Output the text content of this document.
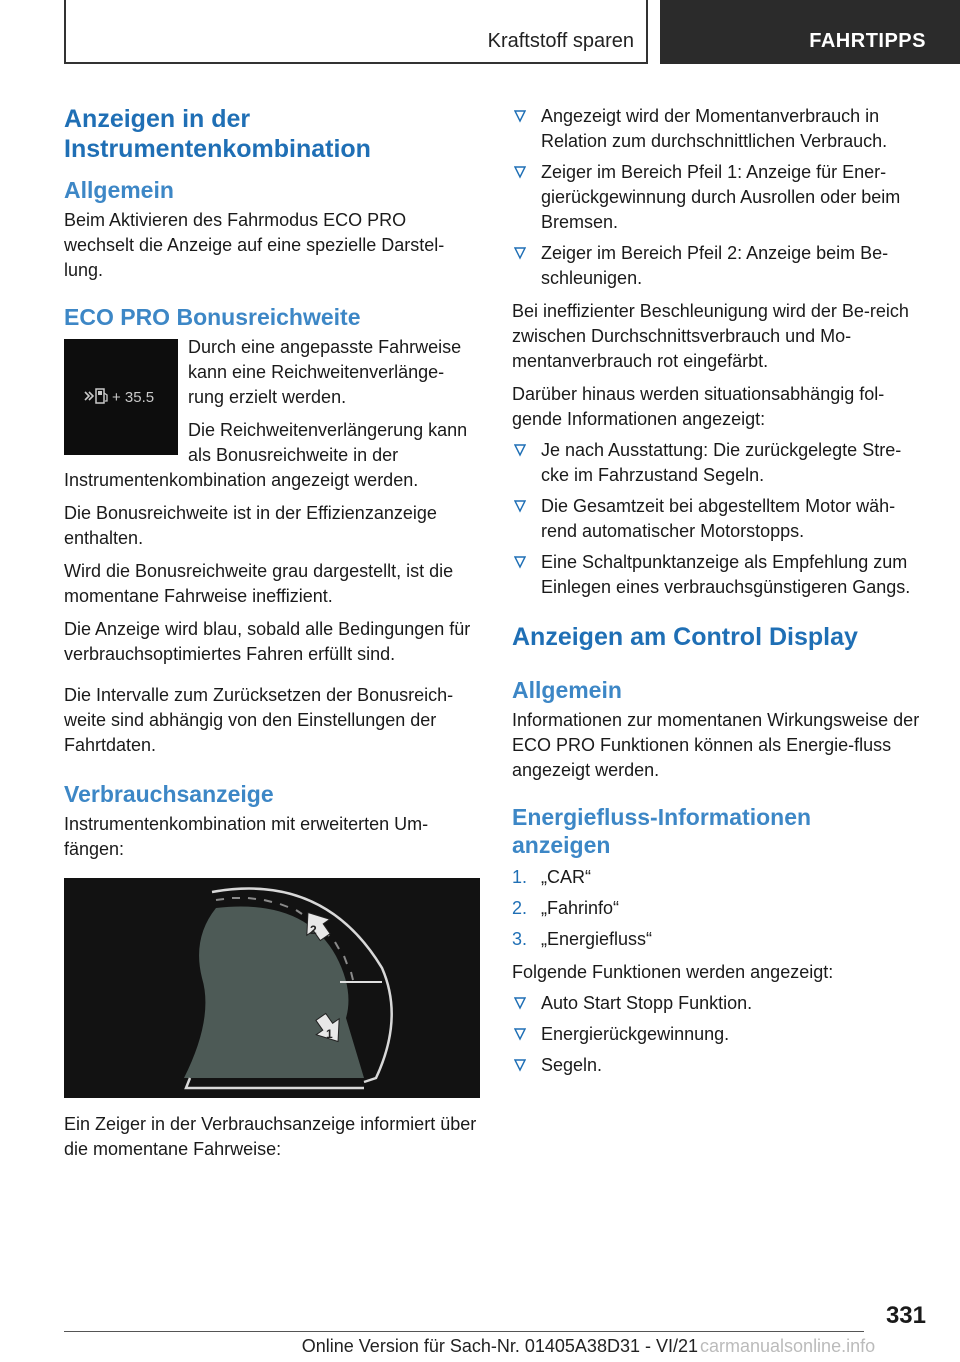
Kraftstoff sparen	FAHRTIPPS
Anzeigen in der Instrumentenkombination
Allgemein

Beim Aktivieren des Fahrmodus ECO PRO wechselt die Anzeige auf eine spezielle Darstel-lung.

ECO PRO Bonusreichweite
+ 35.5

Durch eine angepasste Fahrweise kann eine Reichweitenverlänge-rung erzielt werden.

Die Reichweitenverlängerung kann als Bonusreichweite in der Instrumentenkombination angezeigt werden.

Die Bonusreichweite ist in der Effizienzanzeige enthalten.

Wird die Bonusreichweite grau dargestellt, ist die momentane Fahrweise ineffizient.

Die Anzeige wird blau, sobald alle Bedingungen für verbrauchsoptimiertes Fahren erfüllt sind.

Die Intervalle zum Zurücksetzen der Bonusreich-weite sind abhängig von den Einstellungen der Fahrtdaten.

Verbrauchsanzeige

Instrumentenkombination mit erweiterten Um-fängen:

2
1

Ein Zeiger in der Verbrauchsanzeige informiert über die momentane Fahrweise:

Angezeigt wird der Momentanverbrauch in Relation zum durchschnittlichen Verbrauch.
Zeiger im Bereich Pfeil 1: Anzeige für Ener-gierückgewinnung durch Ausrollen oder beim Bremsen.
Zeiger im Bereich Pfeil 2: Anzeige beim Be-schleunigen.

Bei ineffizienter Beschleunigung wird der Be-reich zwischen Durchschnittsverbrauch und Mo-mentanverbrauch rot eingefärbt.

Darüber hinaus werden situationsabhängig fol-gende Informationen angezeigt:

Je nach Ausstattung: Die zurückgelegte Stre-cke im Fahrzustand Segeln.
Die Gesamtzeit bei abgestelltem Motor wäh-rend automatischer Motorstopps.
Eine Schaltpunktanzeige als Empfehlung zum Einlegen eines verbrauchsgünstigeren Gangs.
Anzeigen am Control Display
Allgemein

Informationen zur momentanen Wirkungsweise der ECO PRO Funktionen können als Energie-fluss angezeigt werden.

Energiefluss-Informationen anzeigen
1. „CAR“
2. „Fahrinfo“
3. „Energiefluss“

Folgende Funktionen werden angezeigt:

Auto Start Stopp Funktion.
Energierückgewinnung.
Segeln.
331
carmanualsonline.info
Online Version für Sach-Nr. 01405A38D31 - VI/21
